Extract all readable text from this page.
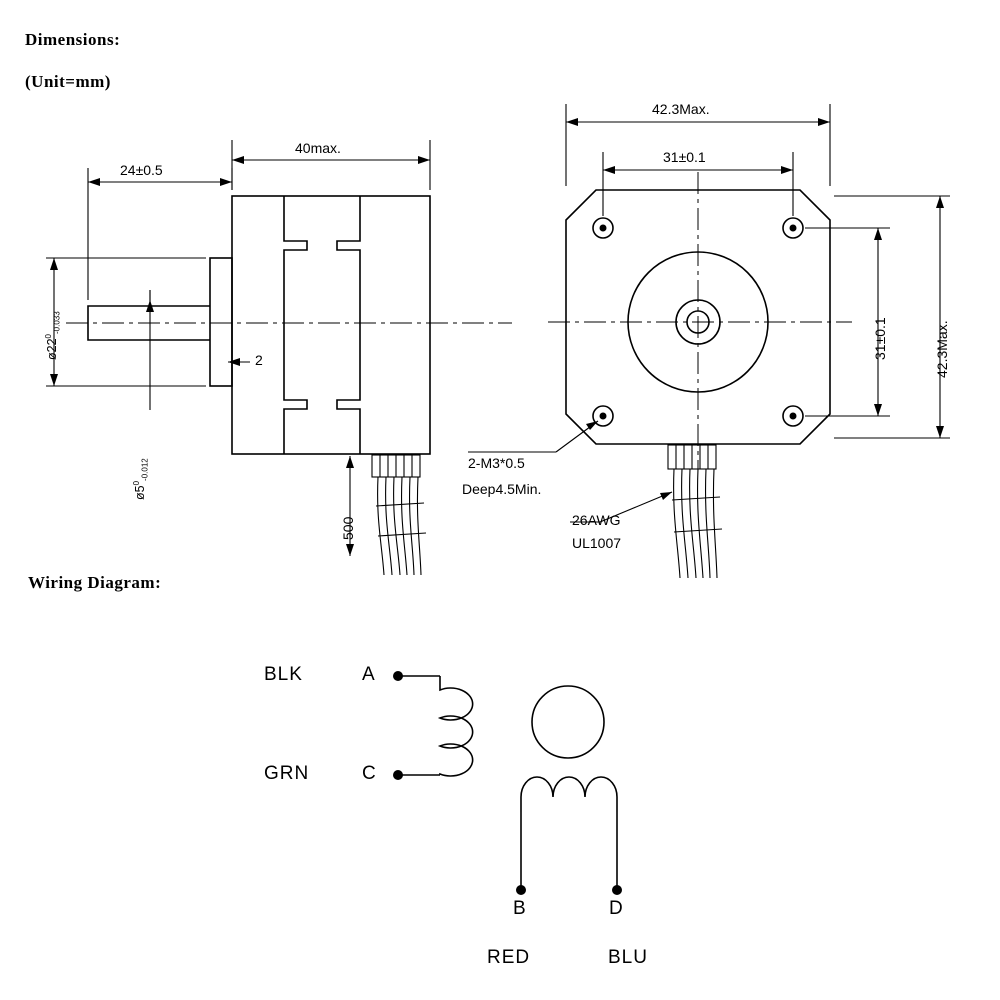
Dimensions:
(Unit=mm)
Wiring Diagram:
40max.
24±0.5
$ø22^0_{-0.033}$
$ø5^0_{-0.012}$
2
500
42.3Max.
31±0.1
31±0.1	42.3Max.
2-M3*0.5
Deep4.5Min.
26AWG
UL1007
BLK
GRN
A
C
B	D
RED	BLU
